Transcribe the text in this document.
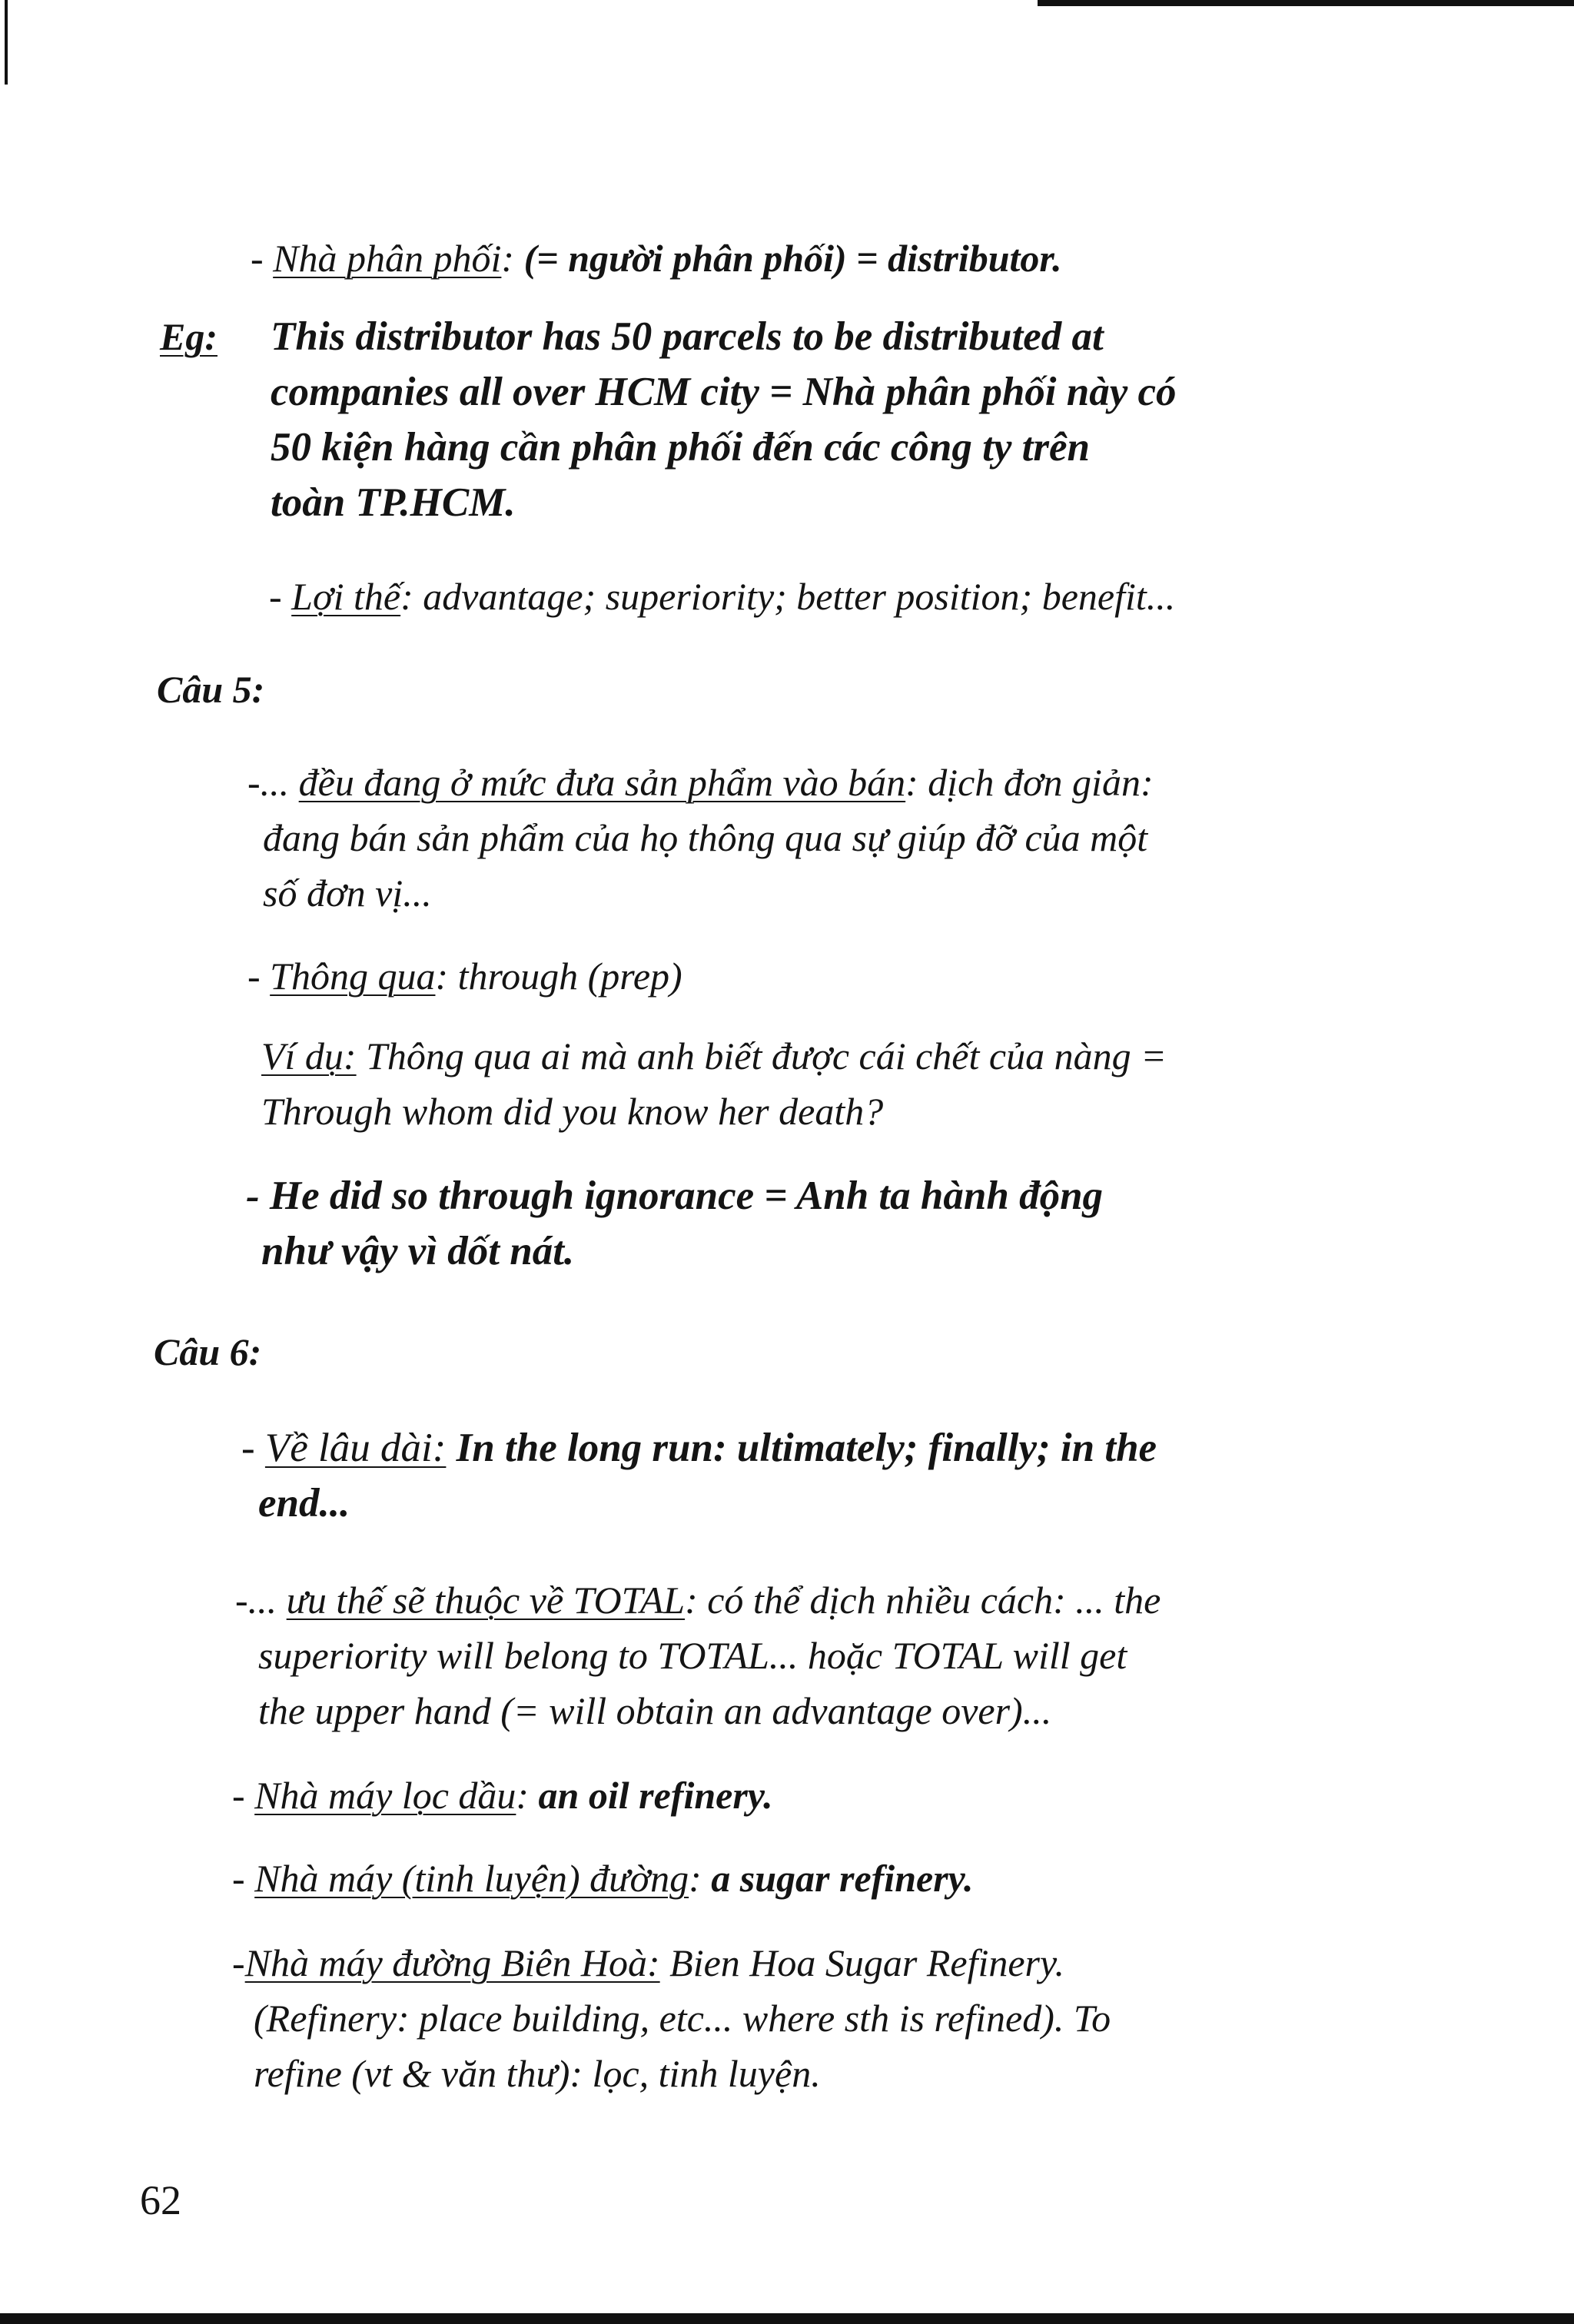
- Nhà phân phối: (= người phân phối) = distributor.
Eg: This distributor has 50 parcels to be distributed at
companies all over HCM city = Nhà phân phối này có
50 kiện hàng cần phân phối đến các công ty trên
toàn TP.HCM.
- Lợi thế: advantage; superiority; better position; benefit...
Câu 5:
-... đều đang ở mức đưa sản phẩm vào bán: dịch đơn giản:
đang bán sản phẩm của họ thông qua sự giúp đỡ của một
số đơn vị...
- Thông qua: through (prep)
Ví dụ: Thông qua ai mà anh biết được cái chết của nàng =
Through whom did you know her death?
- He did so through ignorance = Anh ta hành động
như vậy vì dốt nát.
Câu 6:
- Về lâu dài: In the long run: ultimately; finally; in the
end...
-... ưu thế sẽ thuộc về TOTAL: có thể dịch nhiều cách: ... the
superiority will belong to TOTAL... hoặc TOTAL will get
the upper hand (= will obtain an advantage over)...
- Nhà máy lọc dầu: an oil refinery.
- Nhà máy (tinh luyện) đường: a sugar refinery.
-Nhà máy đường Biên Hoà: Bien Hoa Sugar Refinery.
(Refinery: place building, etc... where sth is refined). To
refine (vt & văn thư): lọc, tinh luyện.
62
